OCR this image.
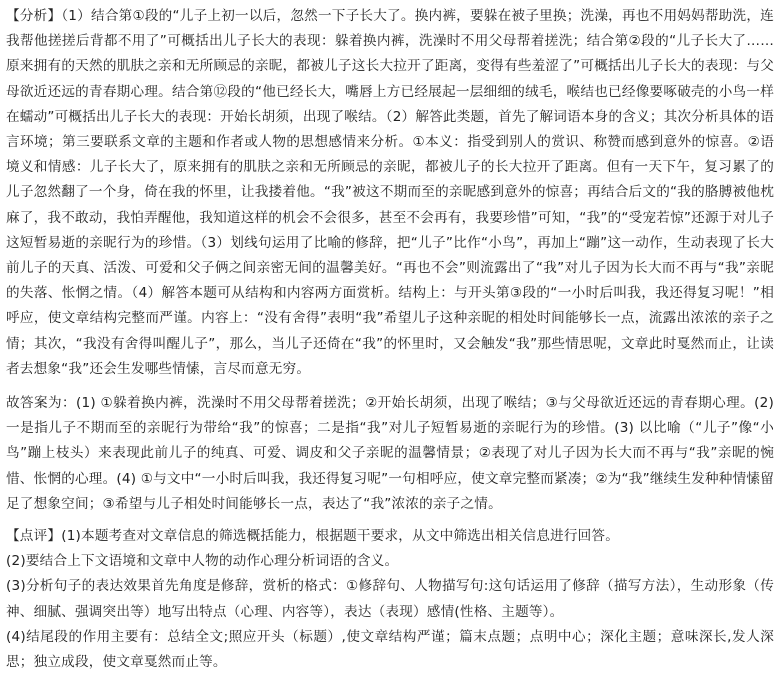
【分析】（1）结合第①段的“儿子上初一以后，忽然一下子长大了。换内裤，要躲在被子里换；洗澡，再也不用妈妈帮助洗，连我帮他搓搓后背都不用了”可概括出儿子长大的表现：躲着换内裤，洗澡时不用父母帮着搓洗；结合第②段的“儿子长大了……原来拥有的天然的肌肤之亲和无所顾忌的亲昵，都被儿子这长大拉开了距离，变得有些羞涩了”可概括出儿子长大的表现：与父母欲近还远的青春期心理。结合第⑫段的“他已经长大，嘴唇上方已经展起一层细细的绒毛，喉结也已经像要啄破壳的小鸟一样在蠕动”可概括出儿子长大的表现：开始长胡须，出现了喉结。（2）解答此类题，首先了解词语本身的含义；其次分析具体的语言环境；第三要联系文章的主题和作者或人物的思想感情来分析。①本义：指受到别人的赏识、称赞而感到意外的惊喜。②语境义和情感：儿子长大了，原来拥有的肌肤之亲和无所顾忌的亲昵，都被儿子的长大拉开了距离。但有一天下午，复习累了的儿子忽然翻了一个身，倚在我的怀里，让我搂着他。“我”被这不期而至的亲昵感到意外的惊喜；再结合后文的“我的胳膊被他枕麻了，我不敢动，我怕弄醒他，我知道这样的机会不会很多，甚至不会再有，我要珍惜”可知，“我”的“受宠若惊”还源于对儿子这短暂易逝的亲昵行为的珍惜。（3）划线句运用了比喻的修辞，把“儿子”比作“小鸟”，再加上“蹦”这一动作，生动表现了长大前儿子的天真、活泼、可爱和父子俩之间亲密无间的温馨美好。“再也不会”则流露出了“我”对儿子因为长大而不再与“我”亲昵的失落、怅惘之情。（4）解答本题可从结构和内容两方面赏析。结构上：与开头第③段的“一小时后叫我，我还得复习呢！”相呼应，使文章结构完整而严谨。内容上：“没有舍得”表明“我”希望儿子这种亲昵的相处时间能够长一点，流露出浓浓的亲子之情；其次，“我没有舍得叫醒儿子”，那么，当儿子还倚在“我”的怀里时，又会触发“我”那些情思呢，文章此时戛然而止，让读者去想象“我”还会生发哪些情愫，言尽而意无穷。

故答案为：(1) ①躲着换内裤，洗澡时不用父母帮着搓洗；②开始长胡须，出现了喉结；③与父母欲近还远的青春期心理。(2) 一是指儿子不期而至的亲昵行为带给“我”的惊喜；二是指“我”对儿子短暂易逝的亲昵行为的珍惜。(3) 以比喻（“儿子”像“小鸟”蹦上枝头）来表现此前儿子的纯真、可爱、调皮和父子亲昵的温馨情景；②表现了对儿子因为长大而不再与“我”亲昵的惋惜、怅惘的心理。(4) ①与文中“一小时后叫我，我还得复习呢”一句相呼应，使文章完整而紧凑；②为“我”继续生发种种情愫留足了想象空间；③希望与儿子相处时间能够长一点，表达了“我”浓浓的亲子之情。

【点评】(1)本题考查对文章信息的筛选概括能力，根据题干要求，从文中筛选出相关信息进行回答。

(2)要结合上下文语境和文章中人物的动作心理分析词语的含义。

(3)分析句子的表达效果首先角度是修辞，赏析的格式：①修辞句、人物描写句:这句话运用了修辞（描写方法），生动形象（传神、细腻、强调突出等）地写出特点（心理、内容等），表达（表现）感情(性格、主题等）。

(4)结尾段的作用主要有：总结全文;照应开头（标题）,使文章结构严谨；篇末点题；点明中心；深化主题；意味深长,发人深思；独立成段，使文章戛然而止等。
